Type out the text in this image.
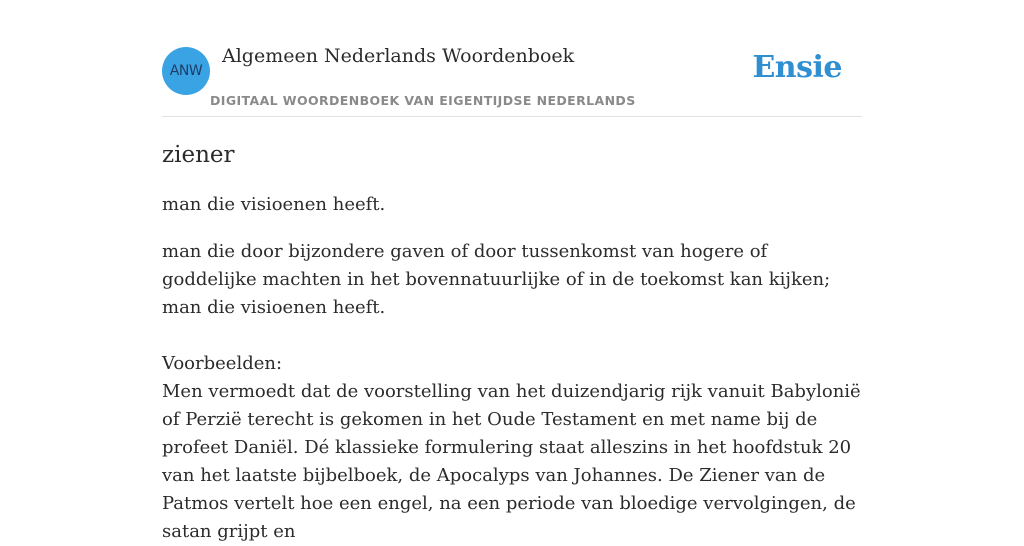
ANW
Algemeen Nederlands Woordenboek
DIGITAAL WOORDENBOEK VAN EIGENTIJDSE NEDERLANDS
Ensie
ziener
man die visioenen heeft.
man die door bijzondere gaven of door tussenkomst van hogere of goddelijke machten in het bovennatuurlijke of in de toekomst kan kijken; man die visioenen heeft.
Voorbeelden:
Men vermoedt dat de voorstelling van het duizendjarig rijk vanuit Babylonië of Perzië terecht is gekomen in het Oude Testament en met name bij de profeet Daniël. Dé klassieke formulering staat alleszins in het hoofdstuk 20 van het laatste bijbelboek, de Apocalyps van Johannes. De Ziener van de Patmos vertelt hoe een engel, na een periode van bloedige vervolgingen, de satan grijpt en
